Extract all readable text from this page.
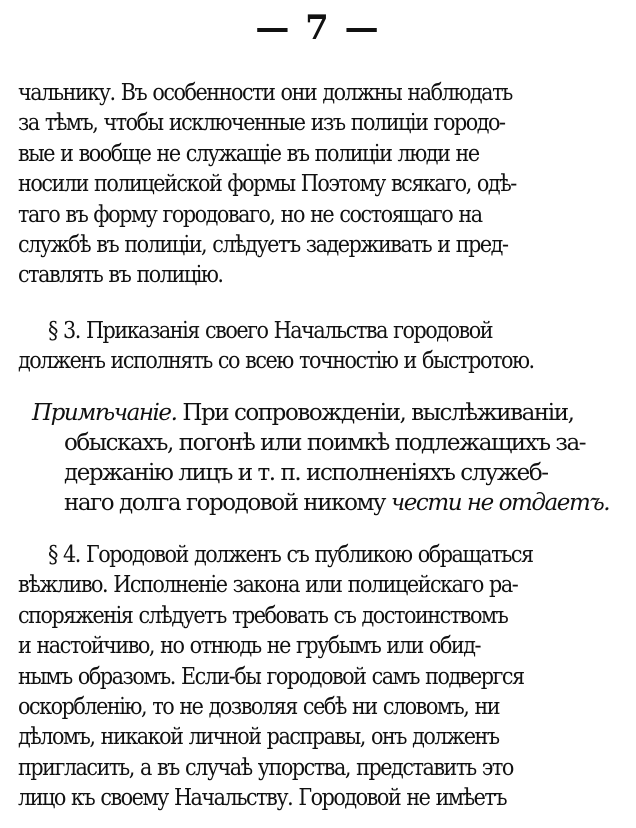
— 7 —
чальнику. Въ особенности они должны наблюдать
за тѣмъ, чтобы исключенные изъ полиціи городо-
вые и вообще не служащіе въ полиціи люди не
носили полицейской формы Поэтому всякаго, одѣ-
таго въ форму городоваго, но не состоящаго на
службѣ въ полиціи, слѣдуетъ задерживать и пред-
ставлять въ полицію.
§ 3. Приказанія своего Начальства городовой
долженъ исполнять со всею точностію и быстротою.
Примѣчаніе. При сопровожденіи, выслѣживаніи,
обыскахъ, погонѣ или поимкѣ подлежащихъ за-
держанію лицъ и т. п. исполненіяхъ служеб-
наго долга городовой никому чести не отдаетъ.
§ 4. Городовой долженъ съ публикою обращаться
вѣжливо. Исполненіе закона или полицейскаго ра-
споряженія слѣдуетъ требовать съ достоинствомъ
и настойчиво, но отнюдь не грубымъ или обид-
нымъ образомъ. Если-бы городовой самъ подвергся
оскорбленію, то не дозволяя себѣ ни словомъ, ни
дѣломъ, никакой личной расправы, онъ долженъ
пригласить, а въ случаѣ упорства, представить это
лицо къ своему Начальству. Городовой не имѣетъ
